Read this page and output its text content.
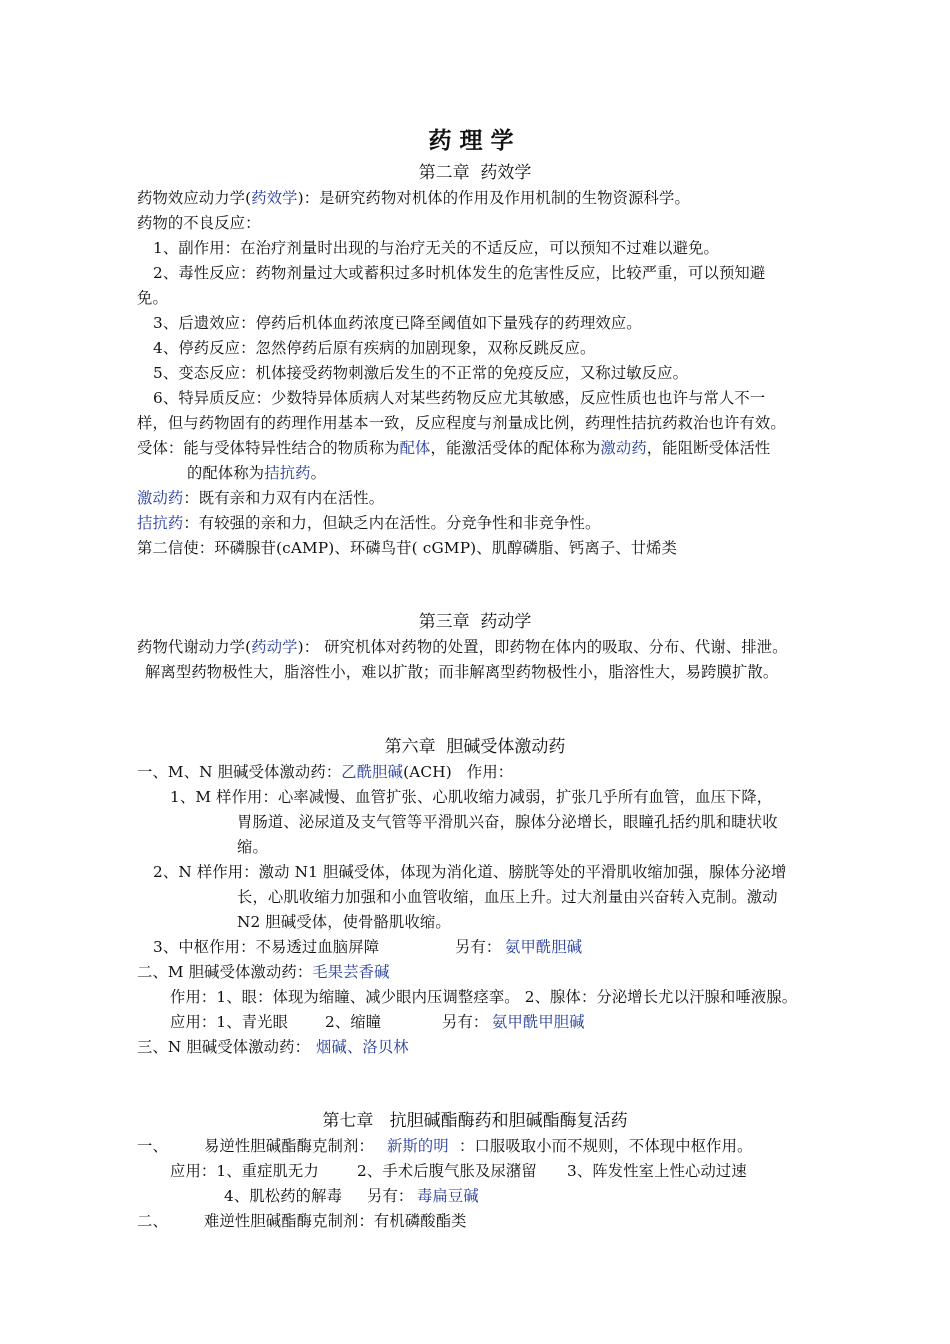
药理学
第二章  药效学
药物效应动力学(药效学)：是研究药物对机体的作用及作用机制的生物资源科学。
药物的不良反应：
1、副作用：在治疗剂量时出现的与治疗无关的不适反应，可以预知不过难以避免。
2、毒性反应：药物剂量过大或蓄积过多时机体发生的危害性反应，比较严重，可以预知避
免。
3、后遗效应：停药后机体血药浓度已降至阈值如下量残存的药理效应。
4、停药反应：忽然停药后原有疾病的加剧现象，双称反跳反应。
5、变态反应：机体接受药物刺激后发生的不正常的免疫反应，又称过敏反应。
6、特异质反应：少数特异体质病人对某些药物反应尤其敏感，反应性质也也许与常人不一
样，但与药物固有的药理作用基本一致，反应程度与剂量成比例，药理性拮抗药救治也许有效。
受体：能与受体特异性结合的物质称为配体，能激活受体的配体称为激动药，能阻断受体活性
的配体称为拮抗药。
激动药：既有亲和力双有内在活性。
拮抗药：有较强的亲和力，但缺乏内在活性。分竞争性和非竞争性。
第二信使：环磷腺苷(cAMP)、环磷鸟苷( cGMP)、肌醇磷脂、钙离子、廿烯类
第三章  药动学
药物代谢动力学(药动学)： 研究机体对药物的处置，即药物在体内的吸取、分布、代谢、排泄。
解离型药物极性大，脂溶性小，难以扩散；而非解离型药物极性小，脂溶性大，易跨膜扩散。
第六章  胆碱受体激动药
一、M、N 胆碱受体激动药：乙酰胆碱(ACH)   作用：
1、M 样作用：心率减慢、血管扩张、心肌收缩力减弱，扩张几乎所有血管，血压下降，
胃肠道、泌尿道及支气管等平滑肌兴奋，腺体分泌增长，眼瞳孔括约肌和睫状收
缩。
2、N 样作用：激动 N1 胆碱受体，体现为消化道、膀胱等处的平滑肌收缩加强，腺体分泌增
长，心肌收缩力加强和小血管收缩，血压上升。过大剂量由兴奋转入克制。激动
N2 胆碱受体，使骨骼肌收缩。
3、中枢作用：不易透过血脑屏障	另有： 氨甲酰胆碱
二、M 胆碱受体激动药：毛果芸香碱
作用：1、眼：体现为缩瞳、减少眼内压调整痉挛。 2、腺体：分泌增长尤以汗腺和唾液腺。
应用：1、青光眼 2、缩瞳	另有： 氨甲酰甲胆碱
三、N 胆碱受体激动药： 烟碱、洛贝林
第七章   抗胆碱酯酶药和胆碱酯酶复活药
一、 易逆性胆碱酯酶克制剂： 新斯的明 ：口服吸取小而不规则，不体现中枢作用。
应用：1、重症肌无力 2、手术后腹气胀及尿潴留 3、阵发性室上性心动过速
4、肌松药的解毒 另有： 毒扁豆碱
二、 难逆性胆碱酯酶克制剂：有机磷酸酯类
